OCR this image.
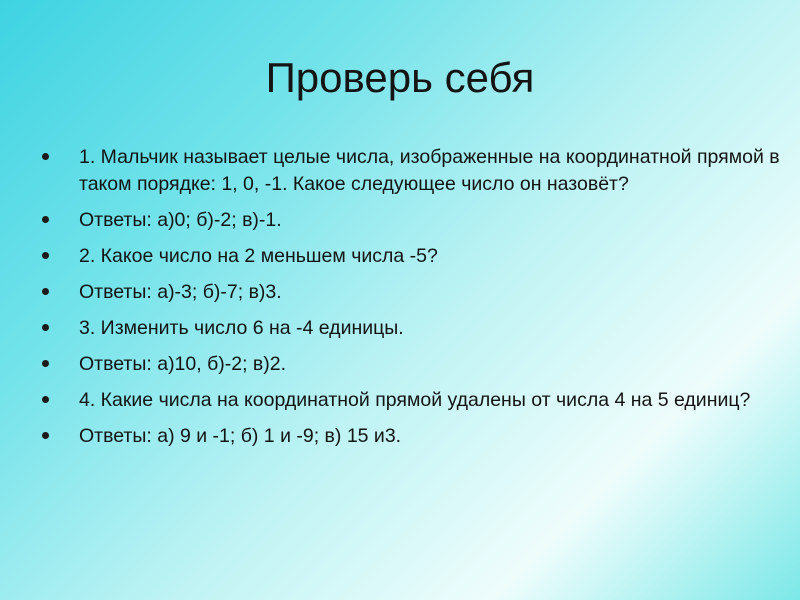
Проверь себя
1. Мальчик называет целые числа, изображенные на координатной прямой в таком порядке: 1, 0, -1. Какое следующее число он назовёт?
Ответы: а)0; б)-2; в)-1.
2. Какое число на 2 меньшем числа -5?
Ответы: а)-3; б)-7; в)3.
3. Изменить число 6 на -4 единицы.
Ответы: а)10, б)-2; в)2.
4. Какие числа на координатной прямой удалены от числа 4 на 5 единиц?
Ответы: а) 9 и -1; б) 1 и -9; в) 15 и3.
